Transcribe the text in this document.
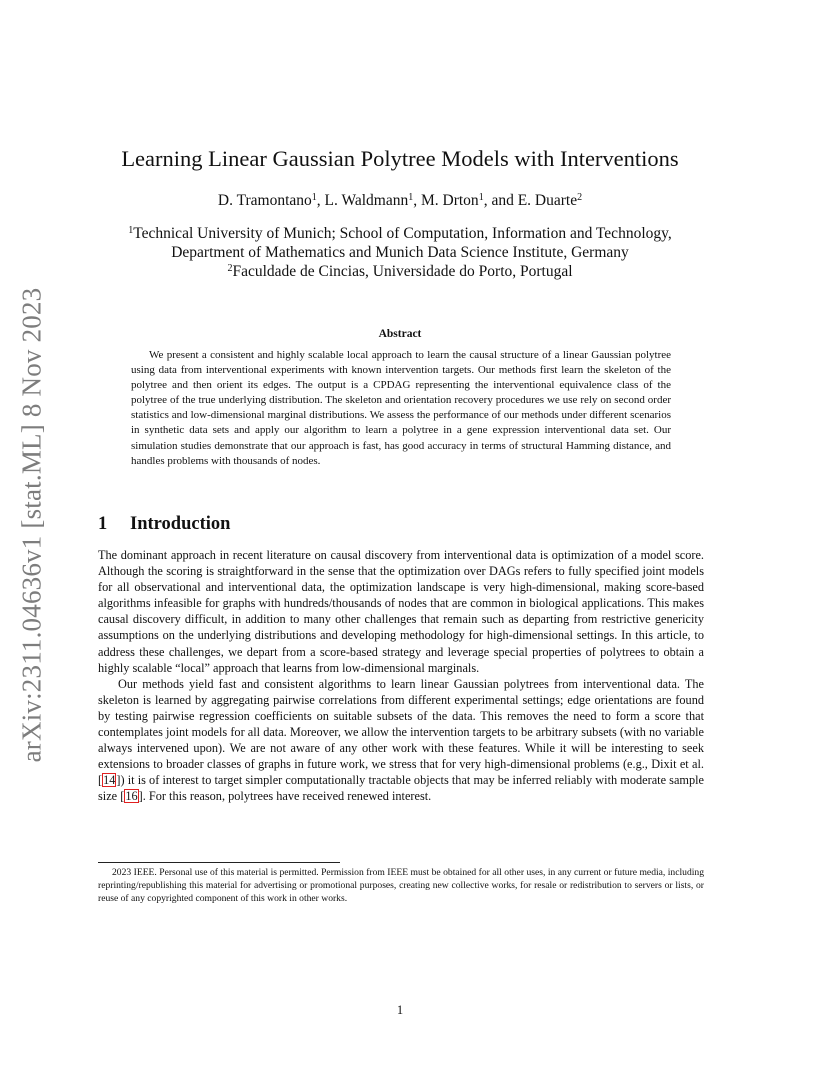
arXiv:2311.04636v1 [stat.ML] 8 Nov 2023
Learning Linear Gaussian Polytree Models with Interventions
D. Tramontano$^1$, L. Waldmann$^1$, M. Drton$^1$, and E. Duarte$^2$
$^1$Technical University of Munich; School of Computation, Information and Technology,
Department of Mathematics and Munich Data Science Institute, Germany
$^2$Faculdade de Cincias, Universidade do Porto, Portugal
Abstract

We present a consistent and highly scalable local approach to learn the causal structure of a linear Gaussian polytree using data from interventional experiments with known intervention targets. Our methods first learn the skeleton of the polytree and then orient its edges. The output is a CPDAG representing the interventional equivalence class of the polytree of the true underlying distribution. The skeleton and orientation recovery procedures we use rely on second order statistics and low-dimensional marginal distributions. We assess the performance of our methods under different scenarios in synthetic data sets and apply our algorithm to learn a polytree in a gene expression interventional data set. Our simulation studies demonstrate that our approach is fast, has good accuracy in terms of structural Hamming distance, and handles problems with thousands of nodes.

1 Introduction

The dominant approach in recent literature on causal discovery from interventional data is optimization of a model score. Although the scoring is straightforward in the sense that the optimization over DAGs refers to fully specified joint models for all observational and interventional data, the optimization landscape is very high-dimensional, making score-based algorithms infeasible for graphs with hundreds/thousands of nodes that are common in biological applications. This makes causal discovery difficult, in addition to many other challenges that remain such as departing from restrictive genericity assumptions on the underlying distributions and developing methodology for high-dimensional settings. In this article, to address these challenges, we depart from a score-based strategy and leverage special properties of polytrees to obtain a highly scalable “local” approach that learns from low-dimensional marginals.

Our methods yield fast and consistent algorithms to learn linear Gaussian polytrees from interventional data. The skeleton is learned by aggregating pairwise correlations from different experimental settings; edge orientations are found by testing pairwise regression coefficients on suitable subsets of the data. This removes the need to form a score that contemplates joint models for all data. Moreover, we allow the intervention targets to be arbitrary subsets (with no variable always intervened upon). We are not aware of any other work with these features. While it will be interesting to seek extensions to broader classes of graphs in future work, we stress that for very high-dimensional problems (e.g., Dixit et al. [14]) it is of interest to target simpler computationally tractable objects that may be inferred reliably with moderate sample size [16]. For this reason, polytrees have received renewed interest.

2023 IEEE. Personal use of this material is permitted. Permission from IEEE must be obtained for all other uses, in any current or future media, including reprinting/republishing this material for advertising or promotional purposes, creating new collective works, for resale or redistribution to servers or lists, or reuse of any copyrighted component of this work in other works.

1
